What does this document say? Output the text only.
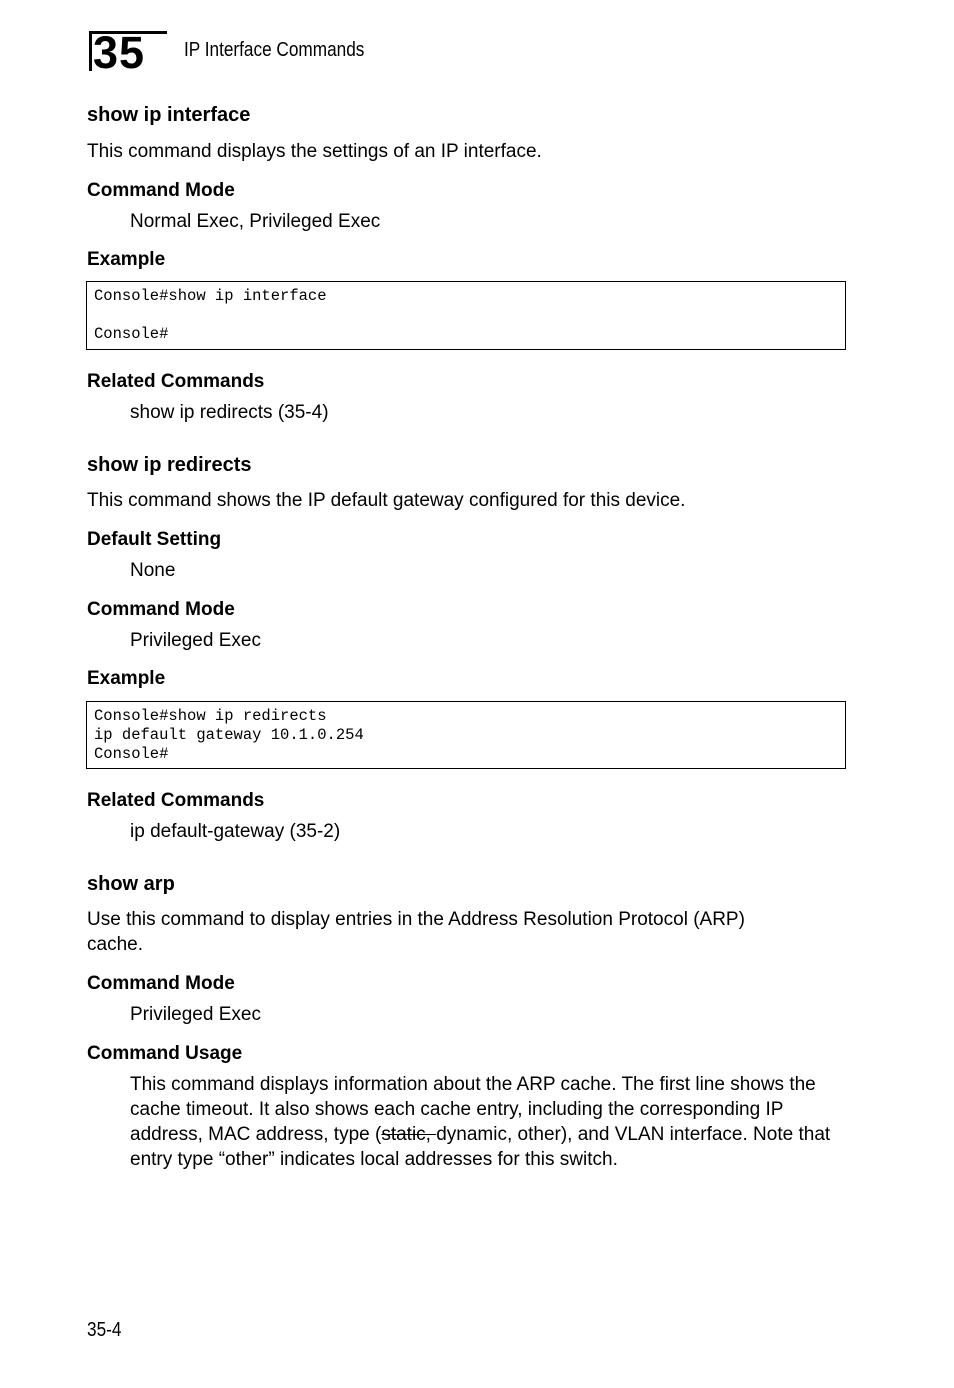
35 IP Interface Commands
show ip interface
This command displays the settings of an IP interface.
Command Mode
Normal Exec, Privileged Exec
Example
Console#show ip interface

Console#
Related Commands
show ip redirects (35-4)
show ip redirects
This command shows the IP default gateway configured for this device.
Default Setting
None
Command Mode
Privileged Exec
Example
Console#show ip redirects
ip default gateway 10.1.0.254
Console#
Related Commands
ip default-gateway (35-2)
show arp
Use this command to display entries in the Address Resolution Protocol (ARP)
cache.
Command Mode
Privileged Exec
Command Usage
This command displays information about the ARP cache. The first line shows the cache timeout. It also shows each cache entry, including the corresponding IP address, MAC address, type (static, dynamic, other), and VLAN interface. Note that entry type “other” indicates local addresses for this switch.
35-4
